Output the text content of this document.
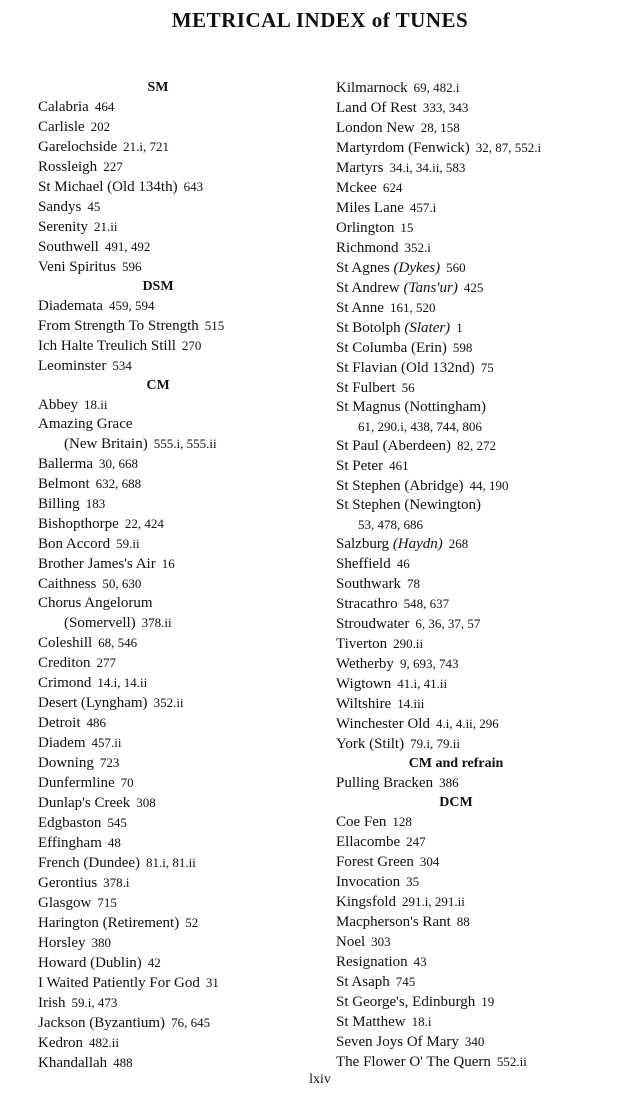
METRICAL INDEX of TUNES
SM
Calabria 464
Carlisle 202
Garelochside 21.i, 721
Rossleigh 227
St Michael (Old 134th) 643
Sandys 45
Serenity 21.ii
Southwell 491, 492
Veni Spiritus 596
DSM
Diademata 459, 594
From Strength To Strength 515
Ich Halte Treulich Still 270
Leominster 534
CM
Abbey 18.ii
Amazing Grace
(New Britain) 555.i, 555.ii
Ballerma 30, 668
Belmont 632, 688
Billing 183
Bishopthorpe 22, 424
Bon Accord 59.ii
Brother James's Air 16
Caithness 50, 630
Chorus Angelorum
(Somervell) 378.ii
Coleshill 68, 546
Crediton 277
Crimond 14.i, 14.ii
Desert (Lyngham) 352.ii
Detroit 486
Diadem 457.ii
Downing 723
Dunfermline 70
Dunlap's Creek 308
Edgbaston 545
Effingham 48
French (Dundee) 81.i, 81.ii
Gerontius 378.i
Glasgow 715
Harington (Retirement) 52
Horsley 380
Howard (Dublin) 42
I Waited Patiently For God 31
Irish 59.i, 473
Jackson (Byzantium) 76, 645
Kedron 482.ii
Khandallah 488
Kilmarnock 69, 482.i
Land Of Rest 333, 343
London New 28, 158
Martyrdom (Fenwick) 32, 87, 552.i
Martyrs 34.i, 34.ii, 583
Mckee 624
Miles Lane 457.i
Orlington 15
Richmond 352.i
St Agnes (Dykes) 560
St Andrew (Tans'ur) 425
St Anne 161, 520
St Botolph (Slater) 1
St Columba (Erin) 598
St Flavian (Old 132nd) 75
St Fulbert 56
St Magnus (Nottingham)
61, 290.i, 438, 744, 806
St Paul (Aberdeen) 82, 272
St Peter 461
St Stephen (Abridge) 44, 190
St Stephen (Newington)
53, 478, 686
Salzburg (Haydn) 268
Sheffield 46
Southwark 78
Stracathro 548, 637
Stroudwater 6, 36, 37, 57
Tiverton 290.ii
Wetherby 9, 693, 743
Wigtown 41.i, 41.ii
Wiltshire 14.iii
Winchester Old 4.i, 4.ii, 296
York (Stilt) 79.i, 79.ii
CM and refrain
Pulling Bracken 386
DCM
Coe Fen 128
Ellacombe 247
Forest Green 304
Invocation 35
Kingsfold 291.i, 291.ii
Macpherson's Rant 88
Noel 303
Resignation 43
St Asaph 745
St George's, Edinburgh 19
St Matthew 18.i
Seven Joys Of Mary 340
The Flower O' The Quern 552.ii
lxiv
